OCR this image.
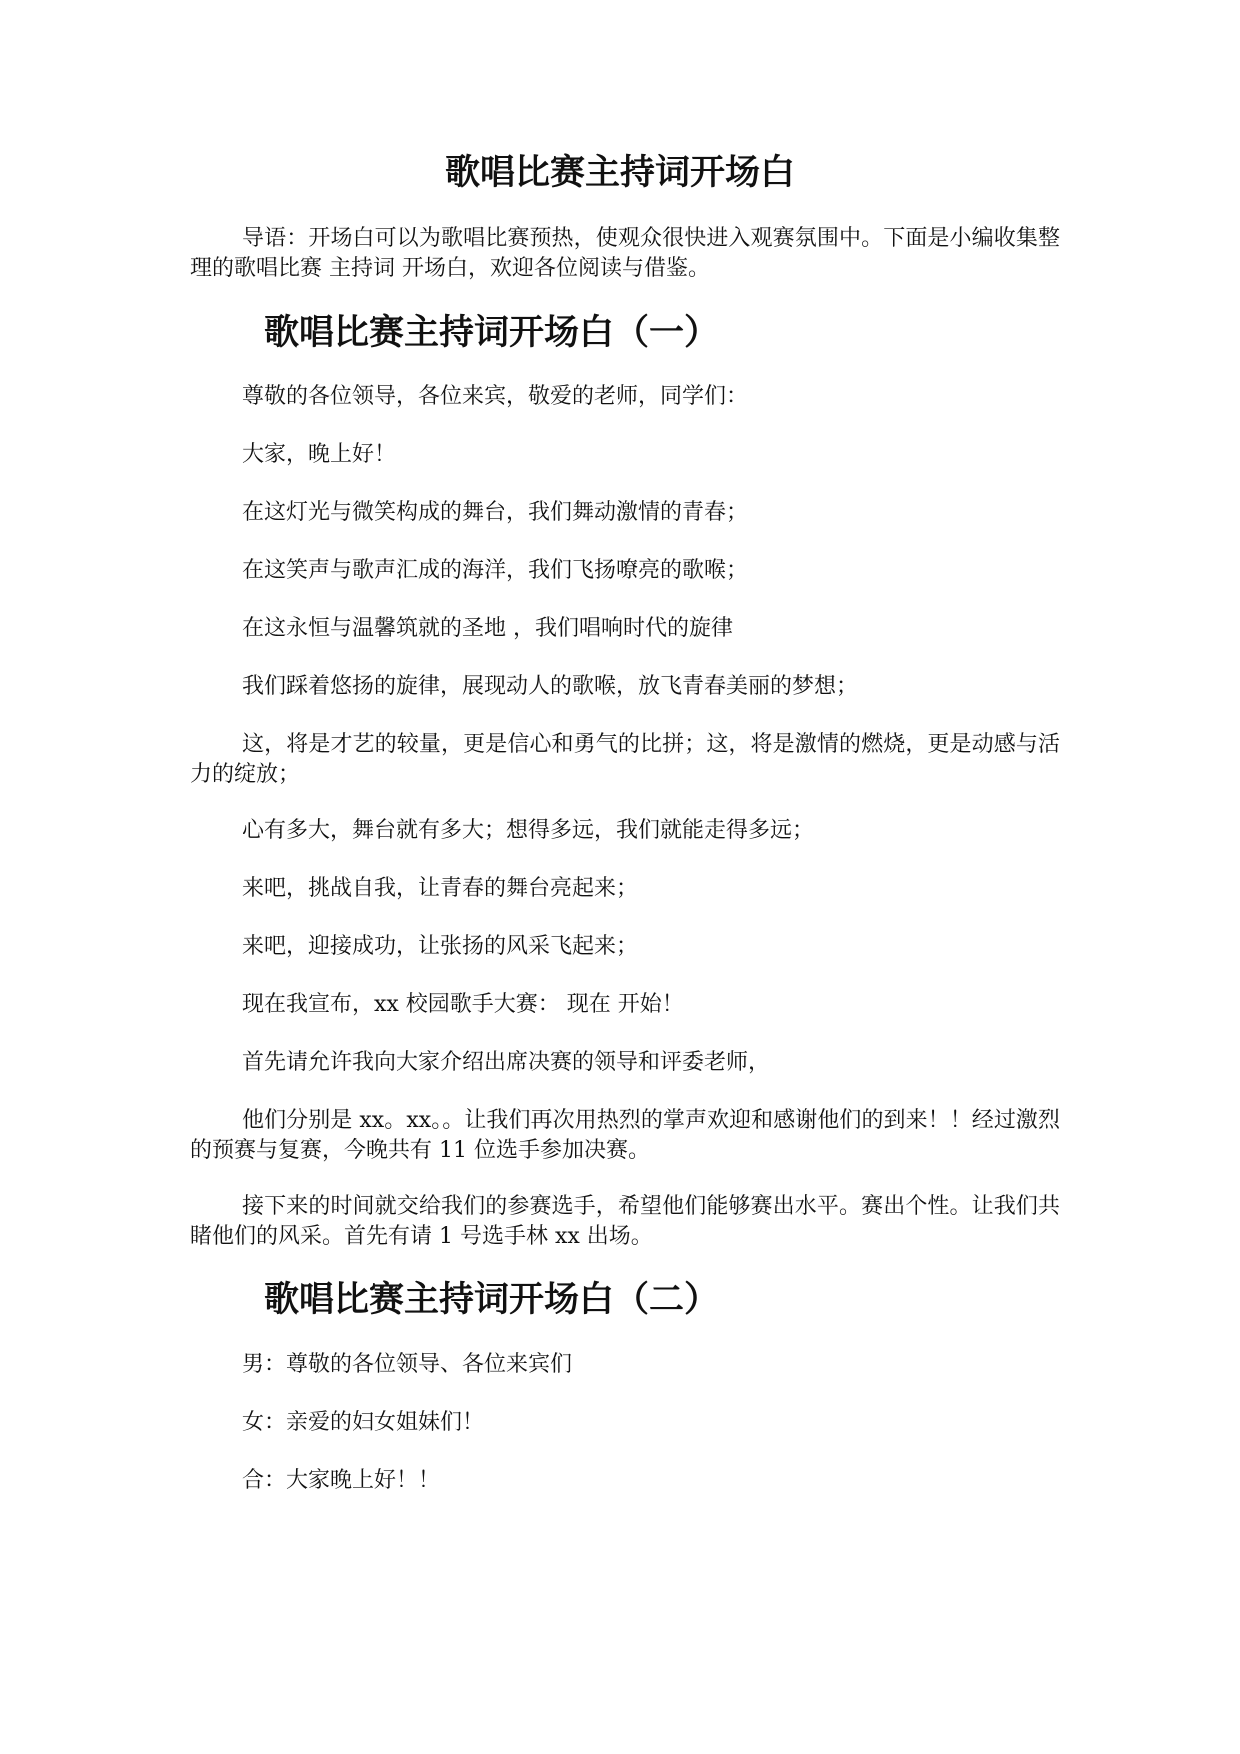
歌唱比赛主持词开场白

导语：开场白可以为歌唱比赛预热，使观众很快进入观赛氛围中。下面是小编收集整理的歌唱比赛 主持词 开场白，欢迎各位阅读与借鉴。

歌唱比赛主持词开场白（一）

尊敬的各位领导，各位来宾，敬爱的老师，同学们：

大家，晚上好！

在这灯光与微笑构成的舞台，我们舞动激情的青春；

在这笑声与歌声汇成的海洋，我们飞扬嘹亮的歌喉；

在这永恒与温馨筑就的圣地 ，我们唱响时代的旋律

我们踩着悠扬的旋律，展现动人的歌喉，放飞青春美丽的梦想；

这，将是才艺的较量，更是信心和勇气的比拼；这，将是激情的燃烧，更是动感与活力的绽放；

心有多大，舞台就有多大；想得多远，我们就能走得多远；

来吧，挑战自我，让青春的舞台亮起来；

来吧，迎接成功，让张扬的风采飞起来；

现在我宣布，xx 校园歌手大赛： 现在 开始！

首先请允许我向大家介绍出席决赛的领导和评委老师，

他们分别是 xx。xx。。让我们再次用热烈的掌声欢迎和感谢他们的到来！！经过激烈的预赛与复赛，今晚共有 11 位选手参加决赛。

接下来的时间就交给我们的参赛选手，希望他们能够赛出水平。赛出个性。让我们共睹他们的风采。首先有请 1 号选手林 xx 出场。

歌唱比赛主持词开场白（二）

男：尊敬的各位领导、各位来宾们

女：亲爱的妇女姐妹们！

合：大家晚上好！！
